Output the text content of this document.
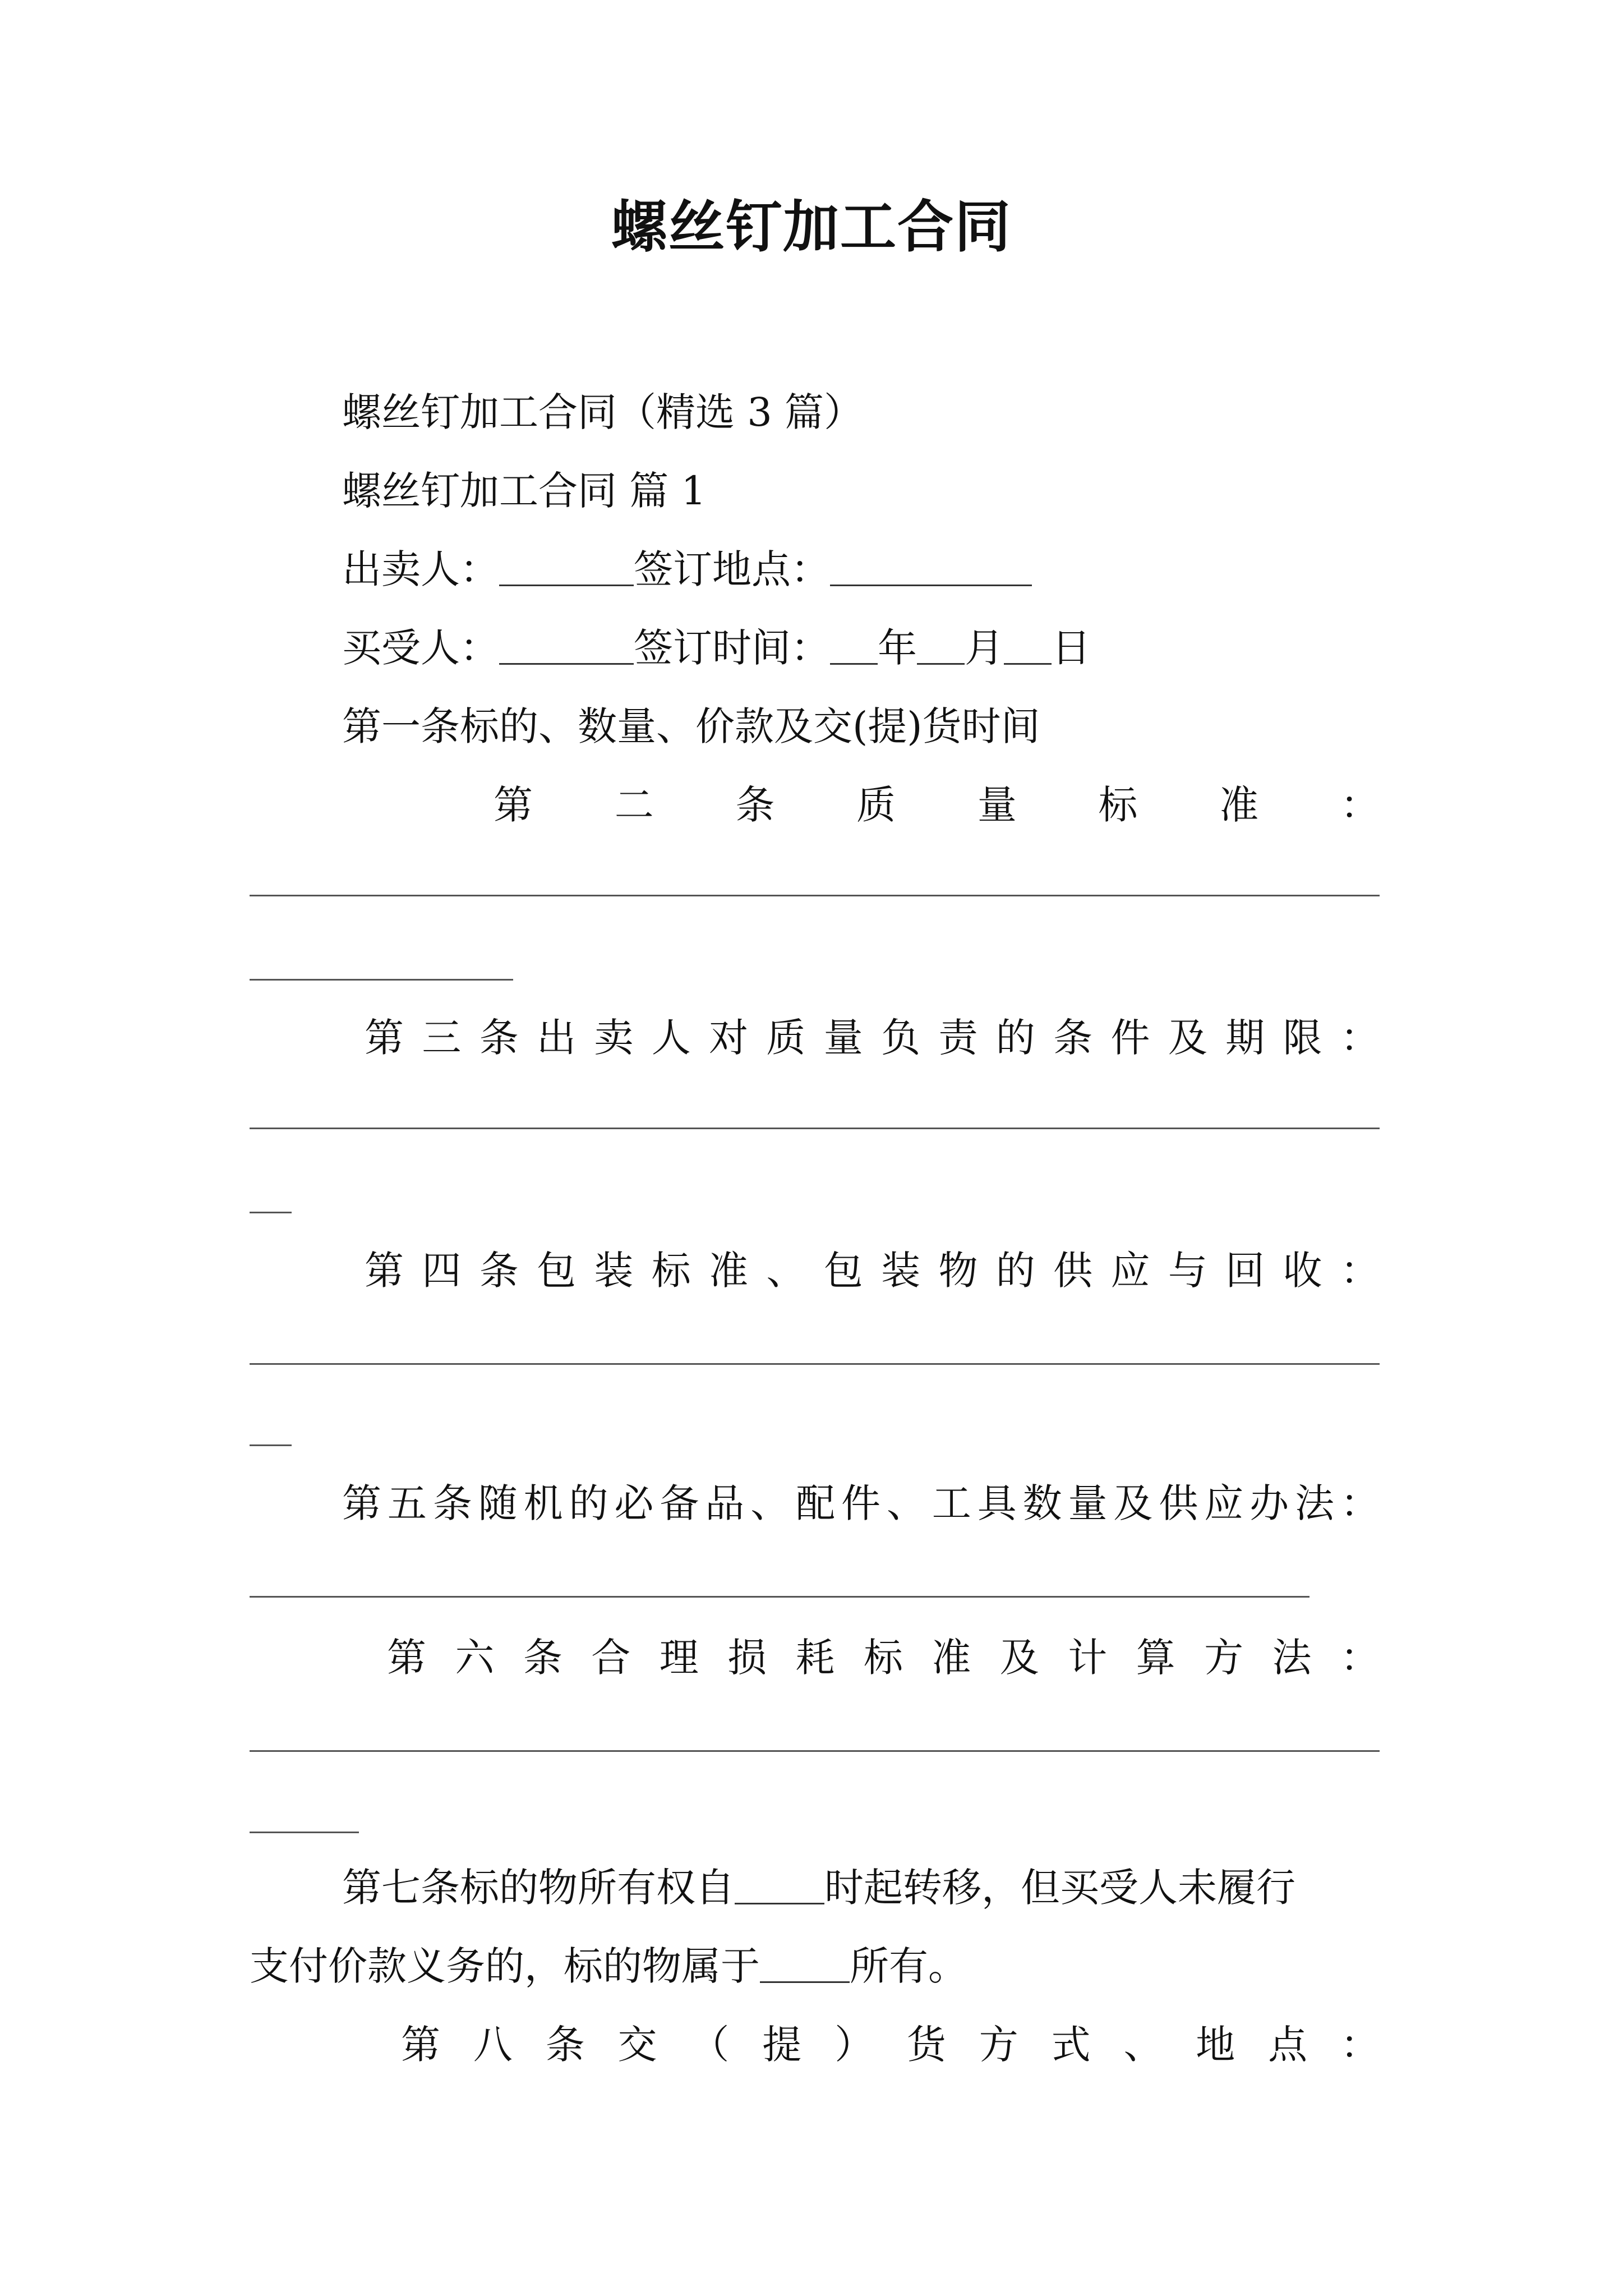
螺丝钉加工合同
螺丝钉加工合同（精选 3 篇）
螺丝钉加工合同 篇 1
出卖人：	签订地点：
买受人：	签订时间： 年 月 日
第一条标的、数量、价款及交(提)货时间
第 二 条 质 量 标 准 ：
第 三 条 出 卖 人 对 质 量 负 责 的 条 件 及 期 限 ：
第 四 条 包 装 标 准 、 包 装 物 的 供 应 与 回 收 ：
第 五 条 随 机 的 必 备 品 、 配 件 、 工 具 数 量 及 供 应 办 法 ：
第 六 条 合 理 损 耗 标 准 及 计 算 方 法 ：
第七条标的物所有权自 时起转移，但买受人未履行
支付价款义务的，标的物属于 所有。
第 八 条 交 （ 提 ） 货 方 式 、 地 点 ：
